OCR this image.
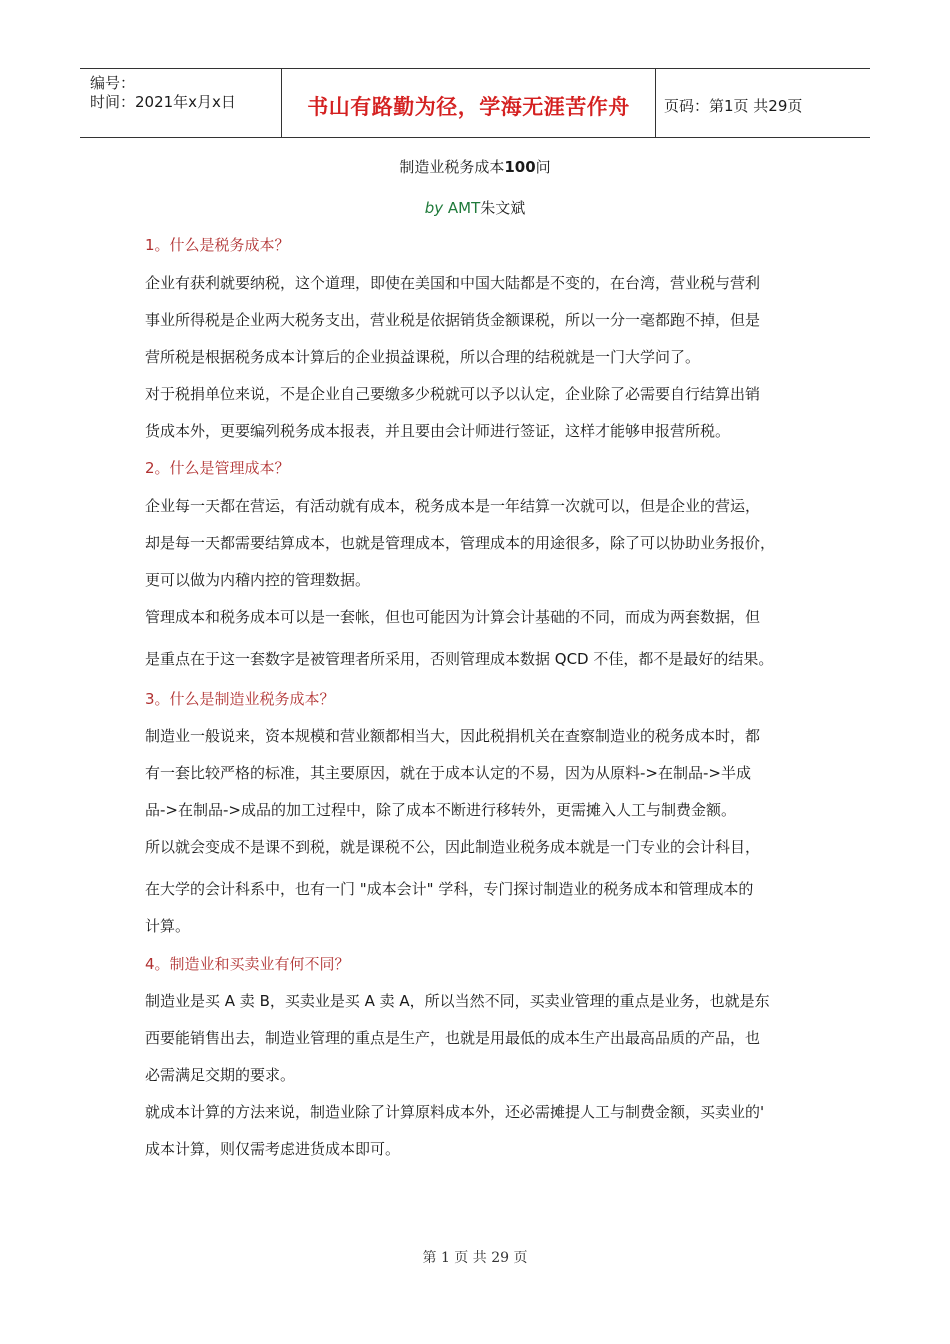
编号：
时间：2021年x月x日	书山有路勤为径，学海无涯苦作舟	页码：第1页 共29页
制造业税务成本100问
by AMT朱文斌
1。什么是税务成本？
企业有获利就要纳税，这个道理，即使在美国和中国大陆都是不变的，在台湾，营业税与营利
事业所得税是企业两大税务支出，营业税是依据销货金额课税，所以一分一毫都跑不掉，但是
营所税是根据税务成本计算后的企业损益课税，所以合理的结税就是一门大学问了。
对于税捐单位来说，不是企业自己要缴多少税就可以予以认定，企业除了必需要自行结算出销
货成本外，更要编列税务成本报表，并且要由会计师进行签证，这样才能够申报营所税。
2。什么是管理成本？
企业每一天都在营运，有活动就有成本，税务成本是一年结算一次就可以，但是企业的营运，
却是每一天都需要结算成本，也就是管理成本，管理成本的用途很多，除了可以协助业务报价，
更可以做为内稽内控的管理数据。
管理成本和税务成本可以是一套帐，但也可能因为计算会计基础的不同，而成为两套数据，但
是重点在于这一套数字是被管理者所采用，否则管理成本数据 QCD 不佳，都不是最好的结果。
3。什么是制造业税务成本？
制造业一般说来，资本规模和营业额都相当大，因此税捐机关在查察制造业的税务成本时，都
有一套比较严格的标准，其主要原因，就在于成本认定的不易，因为从原料->在制品->半成
品->在制品->成品的加工过程中，除了成本不断进行移转外，更需摊入人工与制费金额。
所以就会变成不是课不到税，就是课税不公，因此制造业税务成本就是一门专业的会计科目，
在大学的会计科系中，也有一门 "成本会计" 学科，专门探讨制造业的税务成本和管理成本的
计算。
4。制造业和买卖业有何不同？
制造业是买 A 卖 B，买卖业是买 A 卖 A，所以当然不同，买卖业管理的重点是业务，也就是东
西要能销售出去，制造业管理的重点是生产，也就是用最低的成本生产出最高品质的产品，也
必需满足交期的要求。
就成本计算的方法来说，制造业除了计算原料成本外，还必需摊提人工与制费金额，买卖业的'
成本计算，则仅需考虑进货成本即可。
第 1 页 共 29 页
